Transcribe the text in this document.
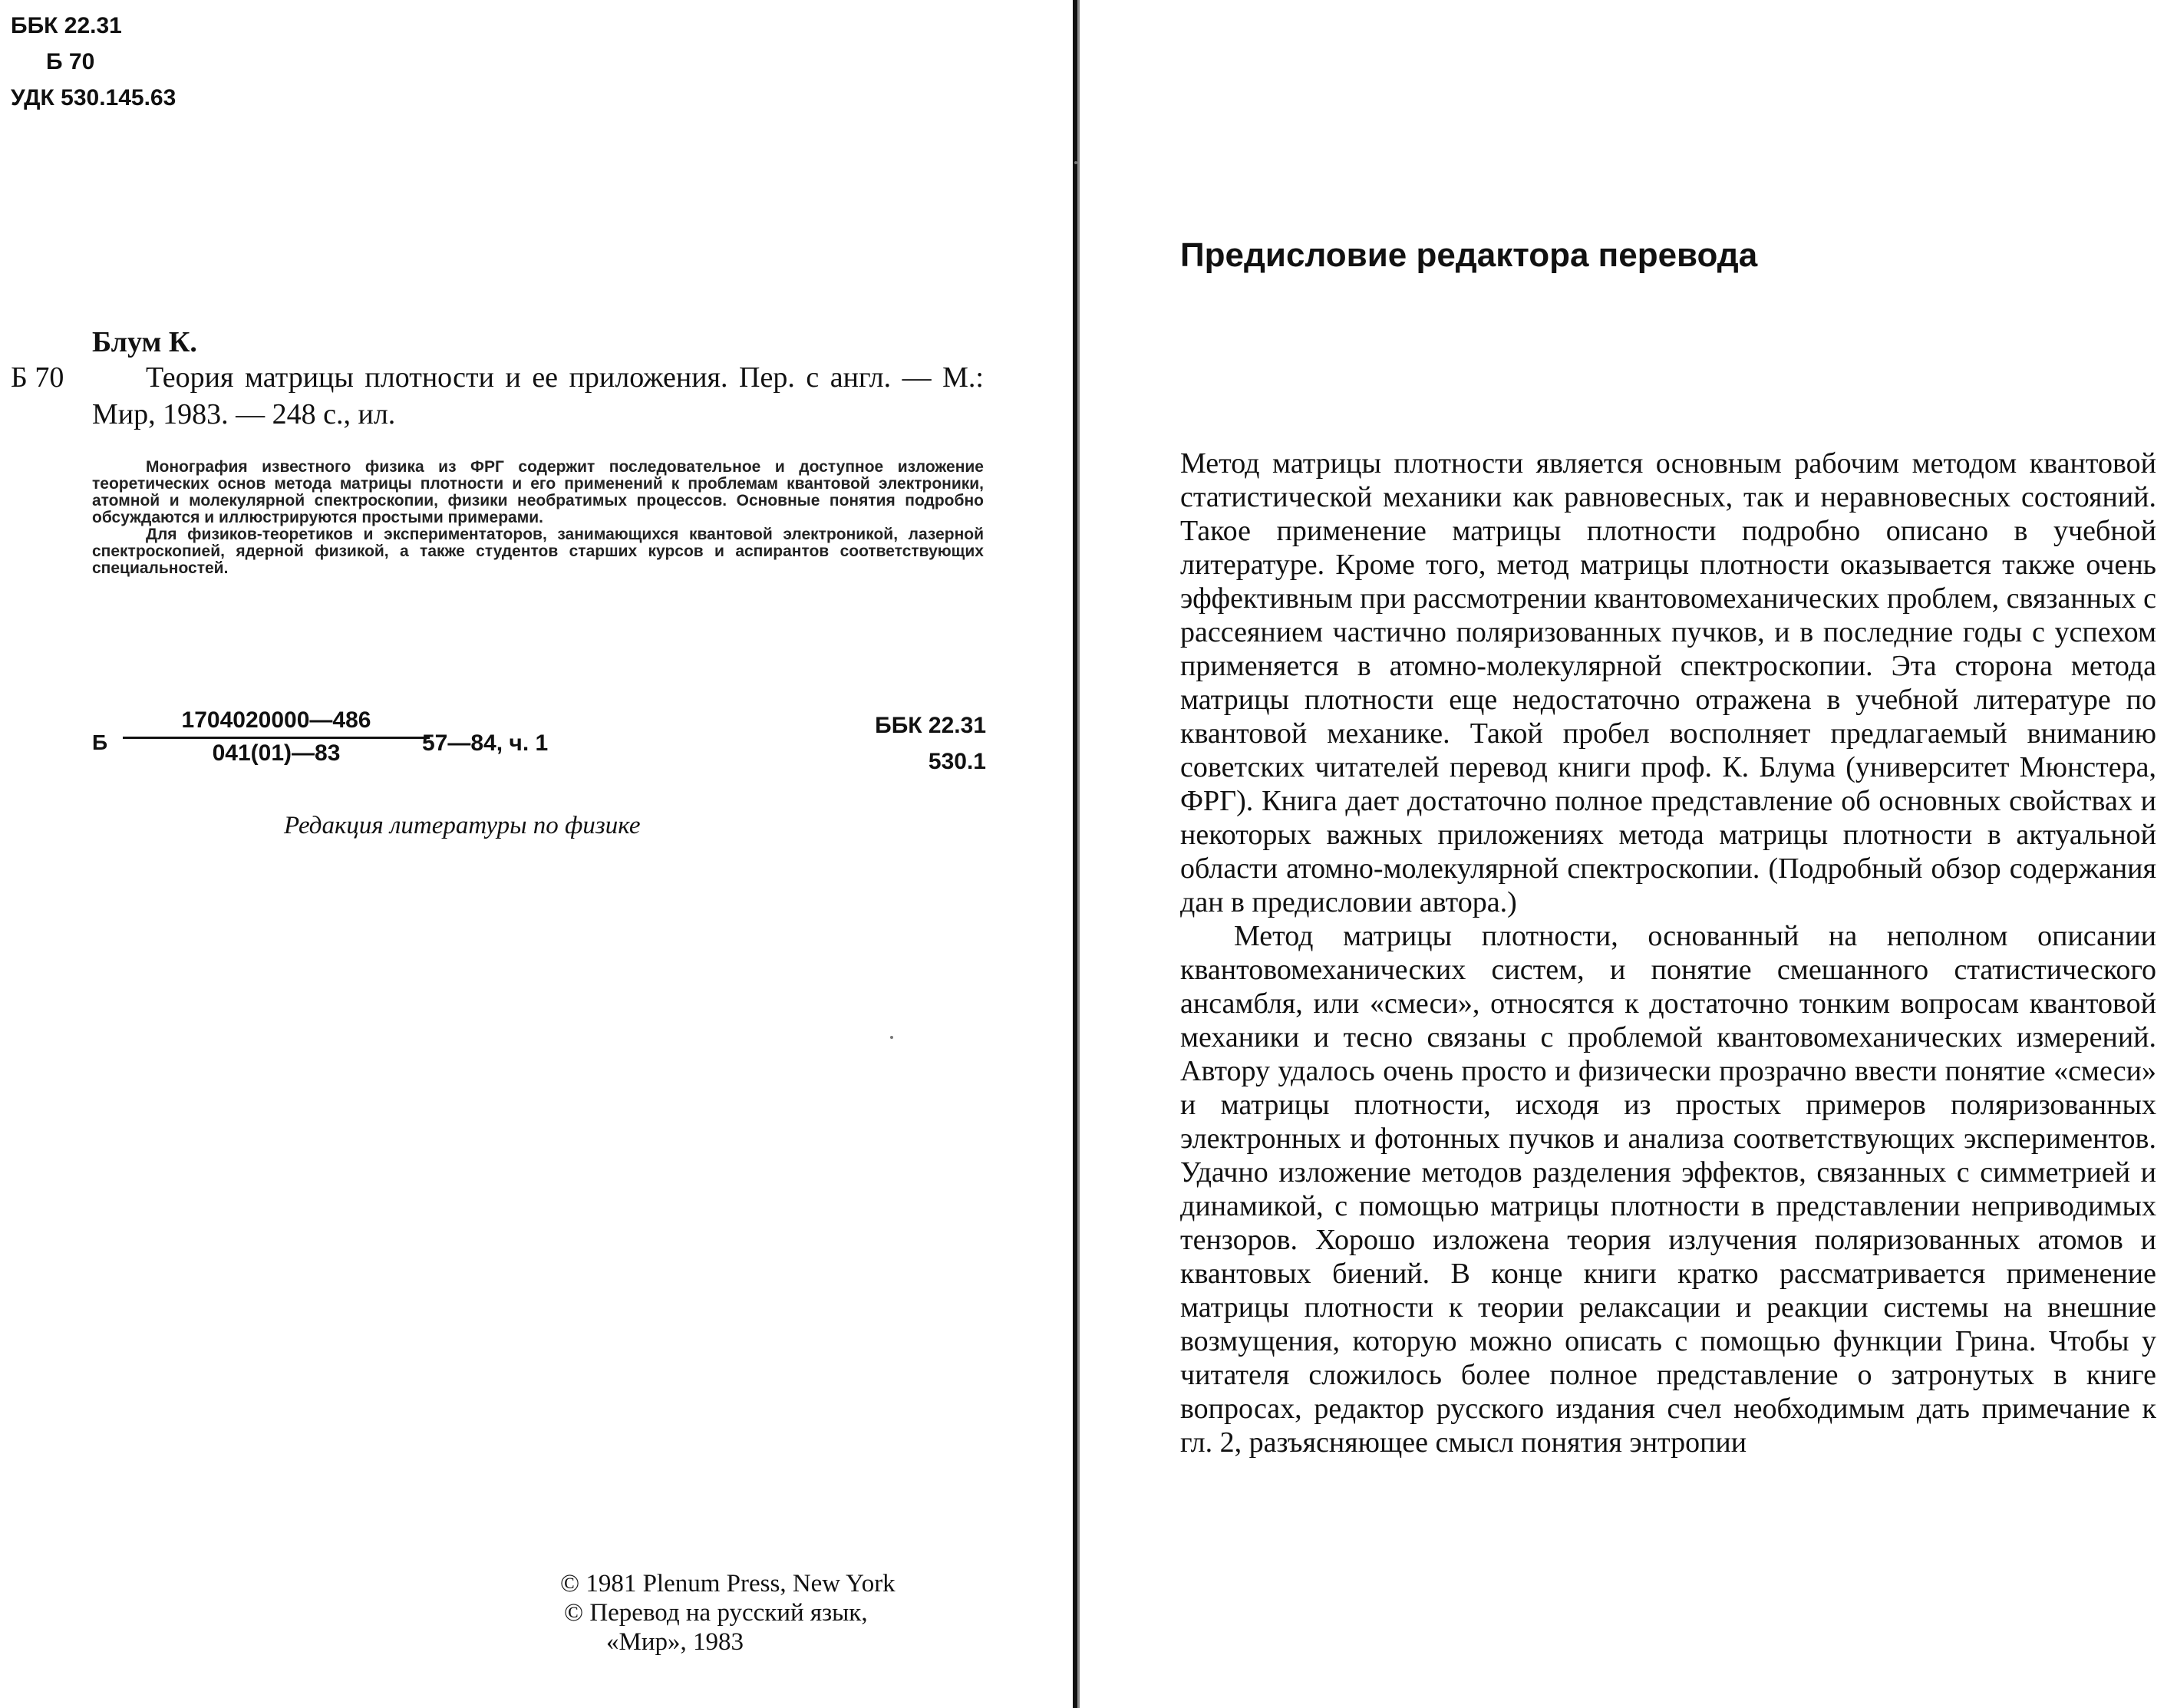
ББК 22.31
Б 70
УДК 530.145.63
Блум К.
Б 70	Теория матрицы плотности и ее приложения. Пер. с англ. — М.: Мир, 1983. — 248 с., ил.

Монография известного физика из ФРГ содержит последовательное и доступное изложение теоретических основ метода матрицы плотности и его применений к проблемам квантовой электроники, атомной и молекулярной спектроскопии, физики необратимых процессов. Основные понятия подробно обсуждаются и иллюстрируются простыми примерами.

Для физиков-теоретиков и экспериментаторов, занимающихся квантовой электроникой, лазерной спектроскопией, ядерной физикой, а также студентов старших курсов и аспирантов соответствующих специальностей.

Б $\frac{1704020000—486}{041(01)—83}$
57—84, ч. 1
ББК 22.31
530.1
Редакция литературы по физике
© 1981 Plenum Press, New York
© Перевод на русский язык,
«Мир», 1983
Предисловие редактора перевода

Метод матрицы плотности является основным рабочим методом квантовой статистической механики как равновесных, так и неравновесных состояний. Такое применение матрицы плотности подробно описано в учебной литературе. Кроме того, метод матрицы плотности оказывается также очень эффективным при рассмотрении квантовомеханических проблем, связанных с рассеянием частично поляризованных пучков, и в последние годы с успехом применяется в атомно-молекулярной спектроскопии. Эта сторона метода матрицы плотности еще недостаточно отражена в учебной литературе по квантовой механике. Такой пробел восполняет предлагаемый вниманию советских читателей перевод книги проф. К. Блума (университет Мюнстера, ФРГ). Книга дает достаточно полное представление об основных свойствах и некоторых важных приложениях метода матрицы плотности в актуальной области атомно-молекулярной спектроскопии. (Подробный обзор содержания дан в предисловии автора.)

Метод матрицы плотности, основанный на неполном описании квантовомеханических систем, и понятие смешанного статистического ансамбля, или «смеси», относятся к достаточно тонким вопросам квантовой механики и тесно связаны с проблемой квантовомеханических измерений. Автору удалось очень просто и физически прозрачно ввести понятие «смеси» и матрицы плотности, исходя из простых примеров поляризованных электронных и фотонных пучков и анализа соответствующих экспериментов. Удачно изложение методов разделения эффектов, связанных с симметрией и динамикой, с помощью матрицы плотности в представлении неприводимых тензоров. Хорошо изложена теория излучения поляризованных атомов и квантовых биений. В конце книги кратко рассматривается применение матрицы плотности к теории релаксации и реакции системы на внешние возмущения, которую можно описать с помощью функции Грина. Чтобы у читателя сложилось более полное представление о затронутых в книге вопросах, редактор русского издания счел необходимым дать примечание к гл. 2, разъясняющее смысл понятия энтропии
